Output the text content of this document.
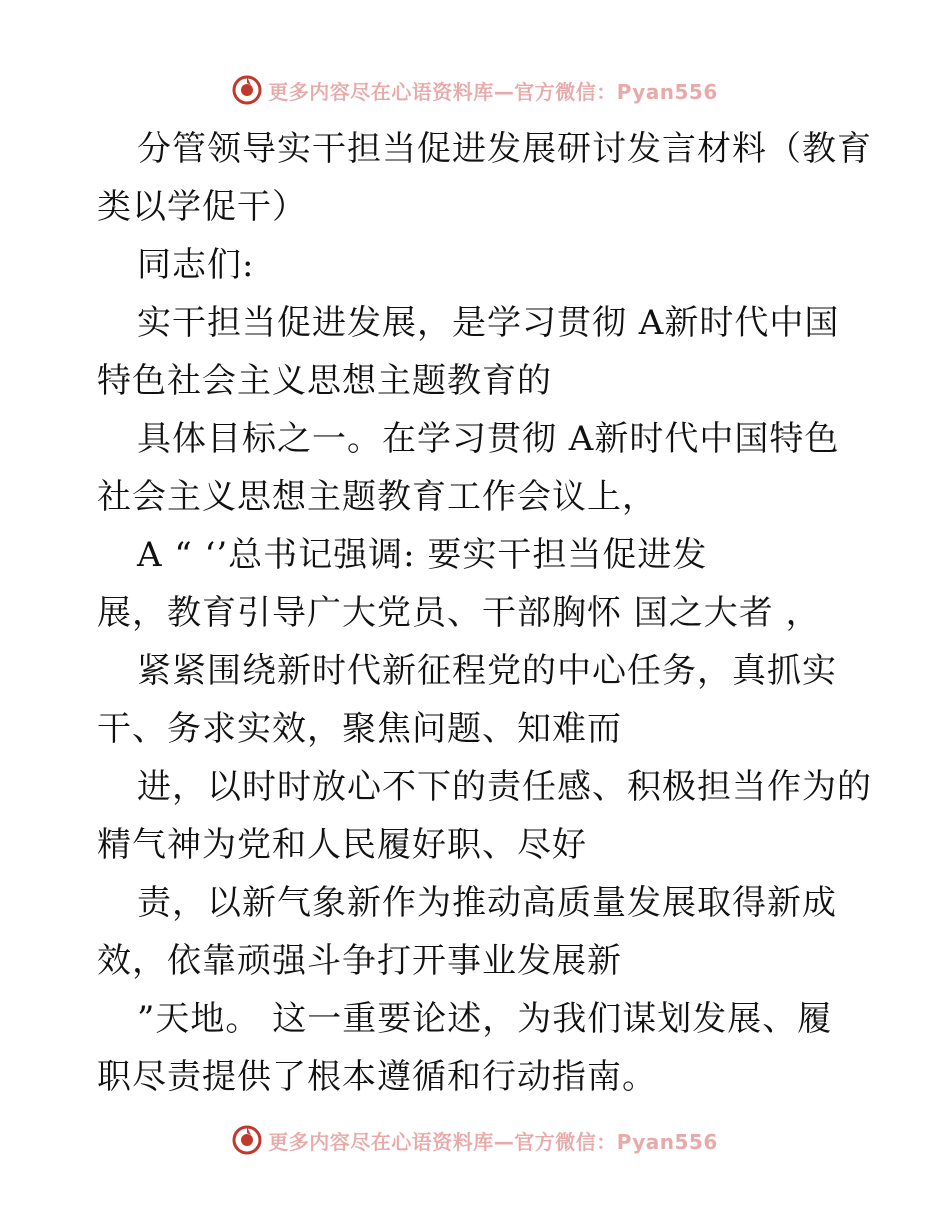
更多内容尽在心语资料库—官方微信：Pyan556
分管领导实干担当促进发展研讨发言材料（教育
类以学促干）
同志们:
实干担当促进发展，是学习贯彻 A新时代中国
特色社会主义思想主题教育的
具体目标之一。在学习贯彻 A新时代中国特色
社会主义思想主题教育工作会议上，
A “ ‘’总书记强调: 要实干担当促进发
展，教育引导广大党员、干部胸怀 国之大者 ，
紧紧围绕新时代新征程党的中心任务，真抓实
干、务求实效，聚焦问题、知难而
进，以时时放心不下的责任感、积极担当作为的
精气神为党和人民履好职、尽好
责，以新气象新作为推动高质量发展取得新成
效，依靠顽强斗争打开事业发展新
”天地。 这一重要论述，为我们谋划发展、履
职尽责提供了根本遵循和行动指南。
更多内容尽在心语资料库—官方微信：Pyan556
